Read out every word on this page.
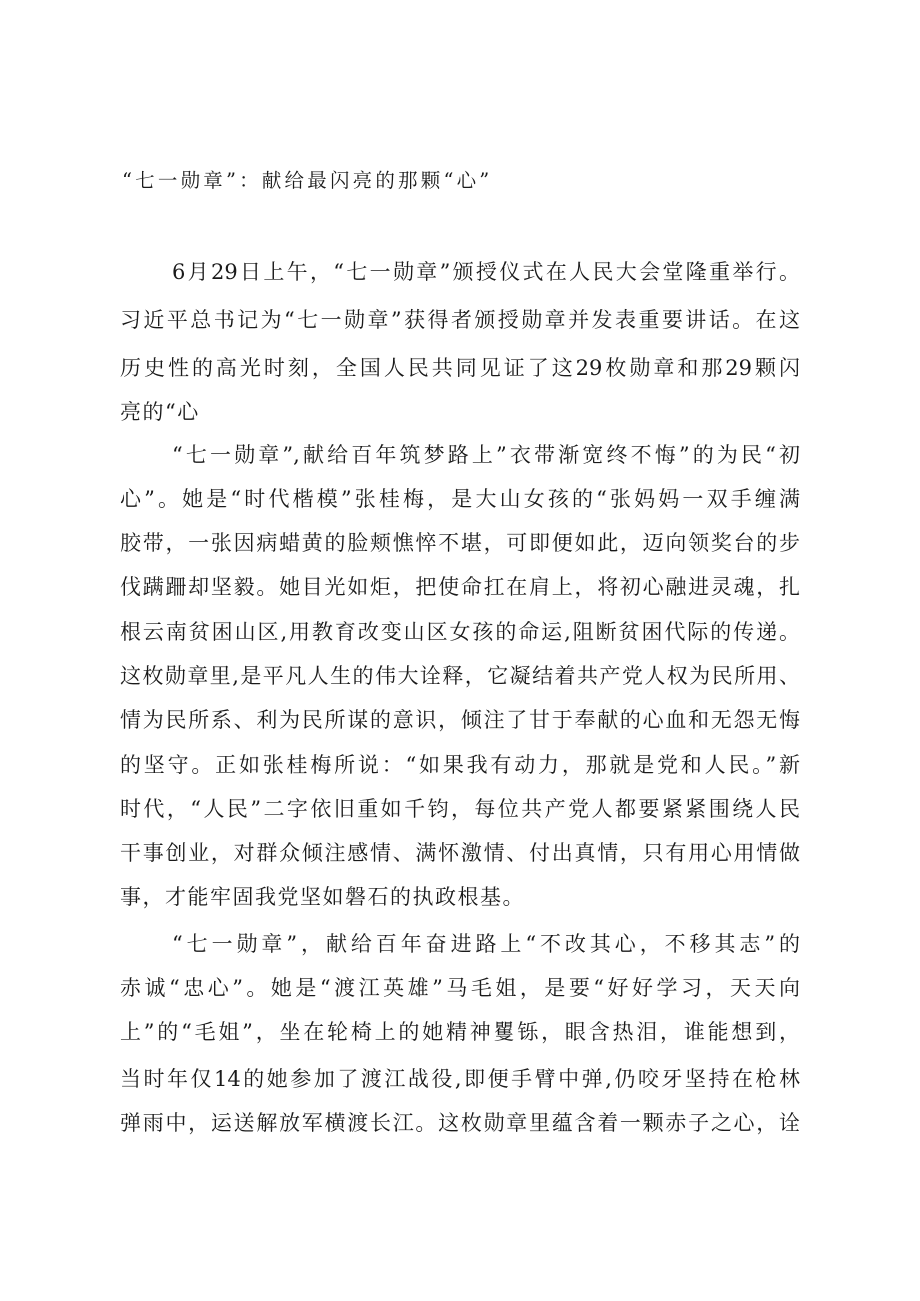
“七一勋章”：献给最闪亮的那颗“心”
6月29日上午，“七一勋章”颁授仪式在人民大会堂隆重举行。
习近平总书记为“七一勋章”获得者颁授勋章并发表重要讲话。在这
历史性的高光时刻，全国人民共同见证了这29枚勋章和那29颗闪
亮的“心
“七一勋章”,献给百年筑梦路上”衣带渐宽终不悔”的为民“初
心”。她是“时代楷模”张桂梅，是大山女孩的“张妈妈一双手缠满
胶带，一张因病蜡黄的脸颊憔悴不堪，可即便如此，迈向领奖台的步
伐蹒跚却坚毅。她目光如炬，把使命扛在肩上，将初心融进灵魂，扎
根云南贫困山区,用教育改变山区女孩的命运,阻断贫困代际的传递。
这枚勋章里,是平凡人生的伟大诠释，它凝结着共产党人权为民所用、
情为民所系、利为民所谋的意识，倾注了甘于奉献的心血和无怨无悔
的坚守。正如张桂梅所说：“如果我有动力，那就是党和人民。”新
时代，“人民”二字依旧重如千钧，每位共产党人都要紧紧围绕人民
干事创业，对群众倾注感情、满怀激情、付出真情，只有用心用情做
事，才能牢固我党坚如磐石的执政根基。
“七一勋章”，献给百年奋进路上“不改其心，不移其志”的
赤诚“忠心”。她是“渡江英雄”马毛姐，是要“好好学习，天天向
上”的“毛姐”，坐在轮椅上的她精神矍铄，眼含热泪，谁能想到，
当时年仅14的她参加了渡江战役,即便手臂中弹,仍咬牙坚持在枪林
弹雨中，运送解放军横渡长江。这枚勋章里蕴含着一颗赤子之心，诠
